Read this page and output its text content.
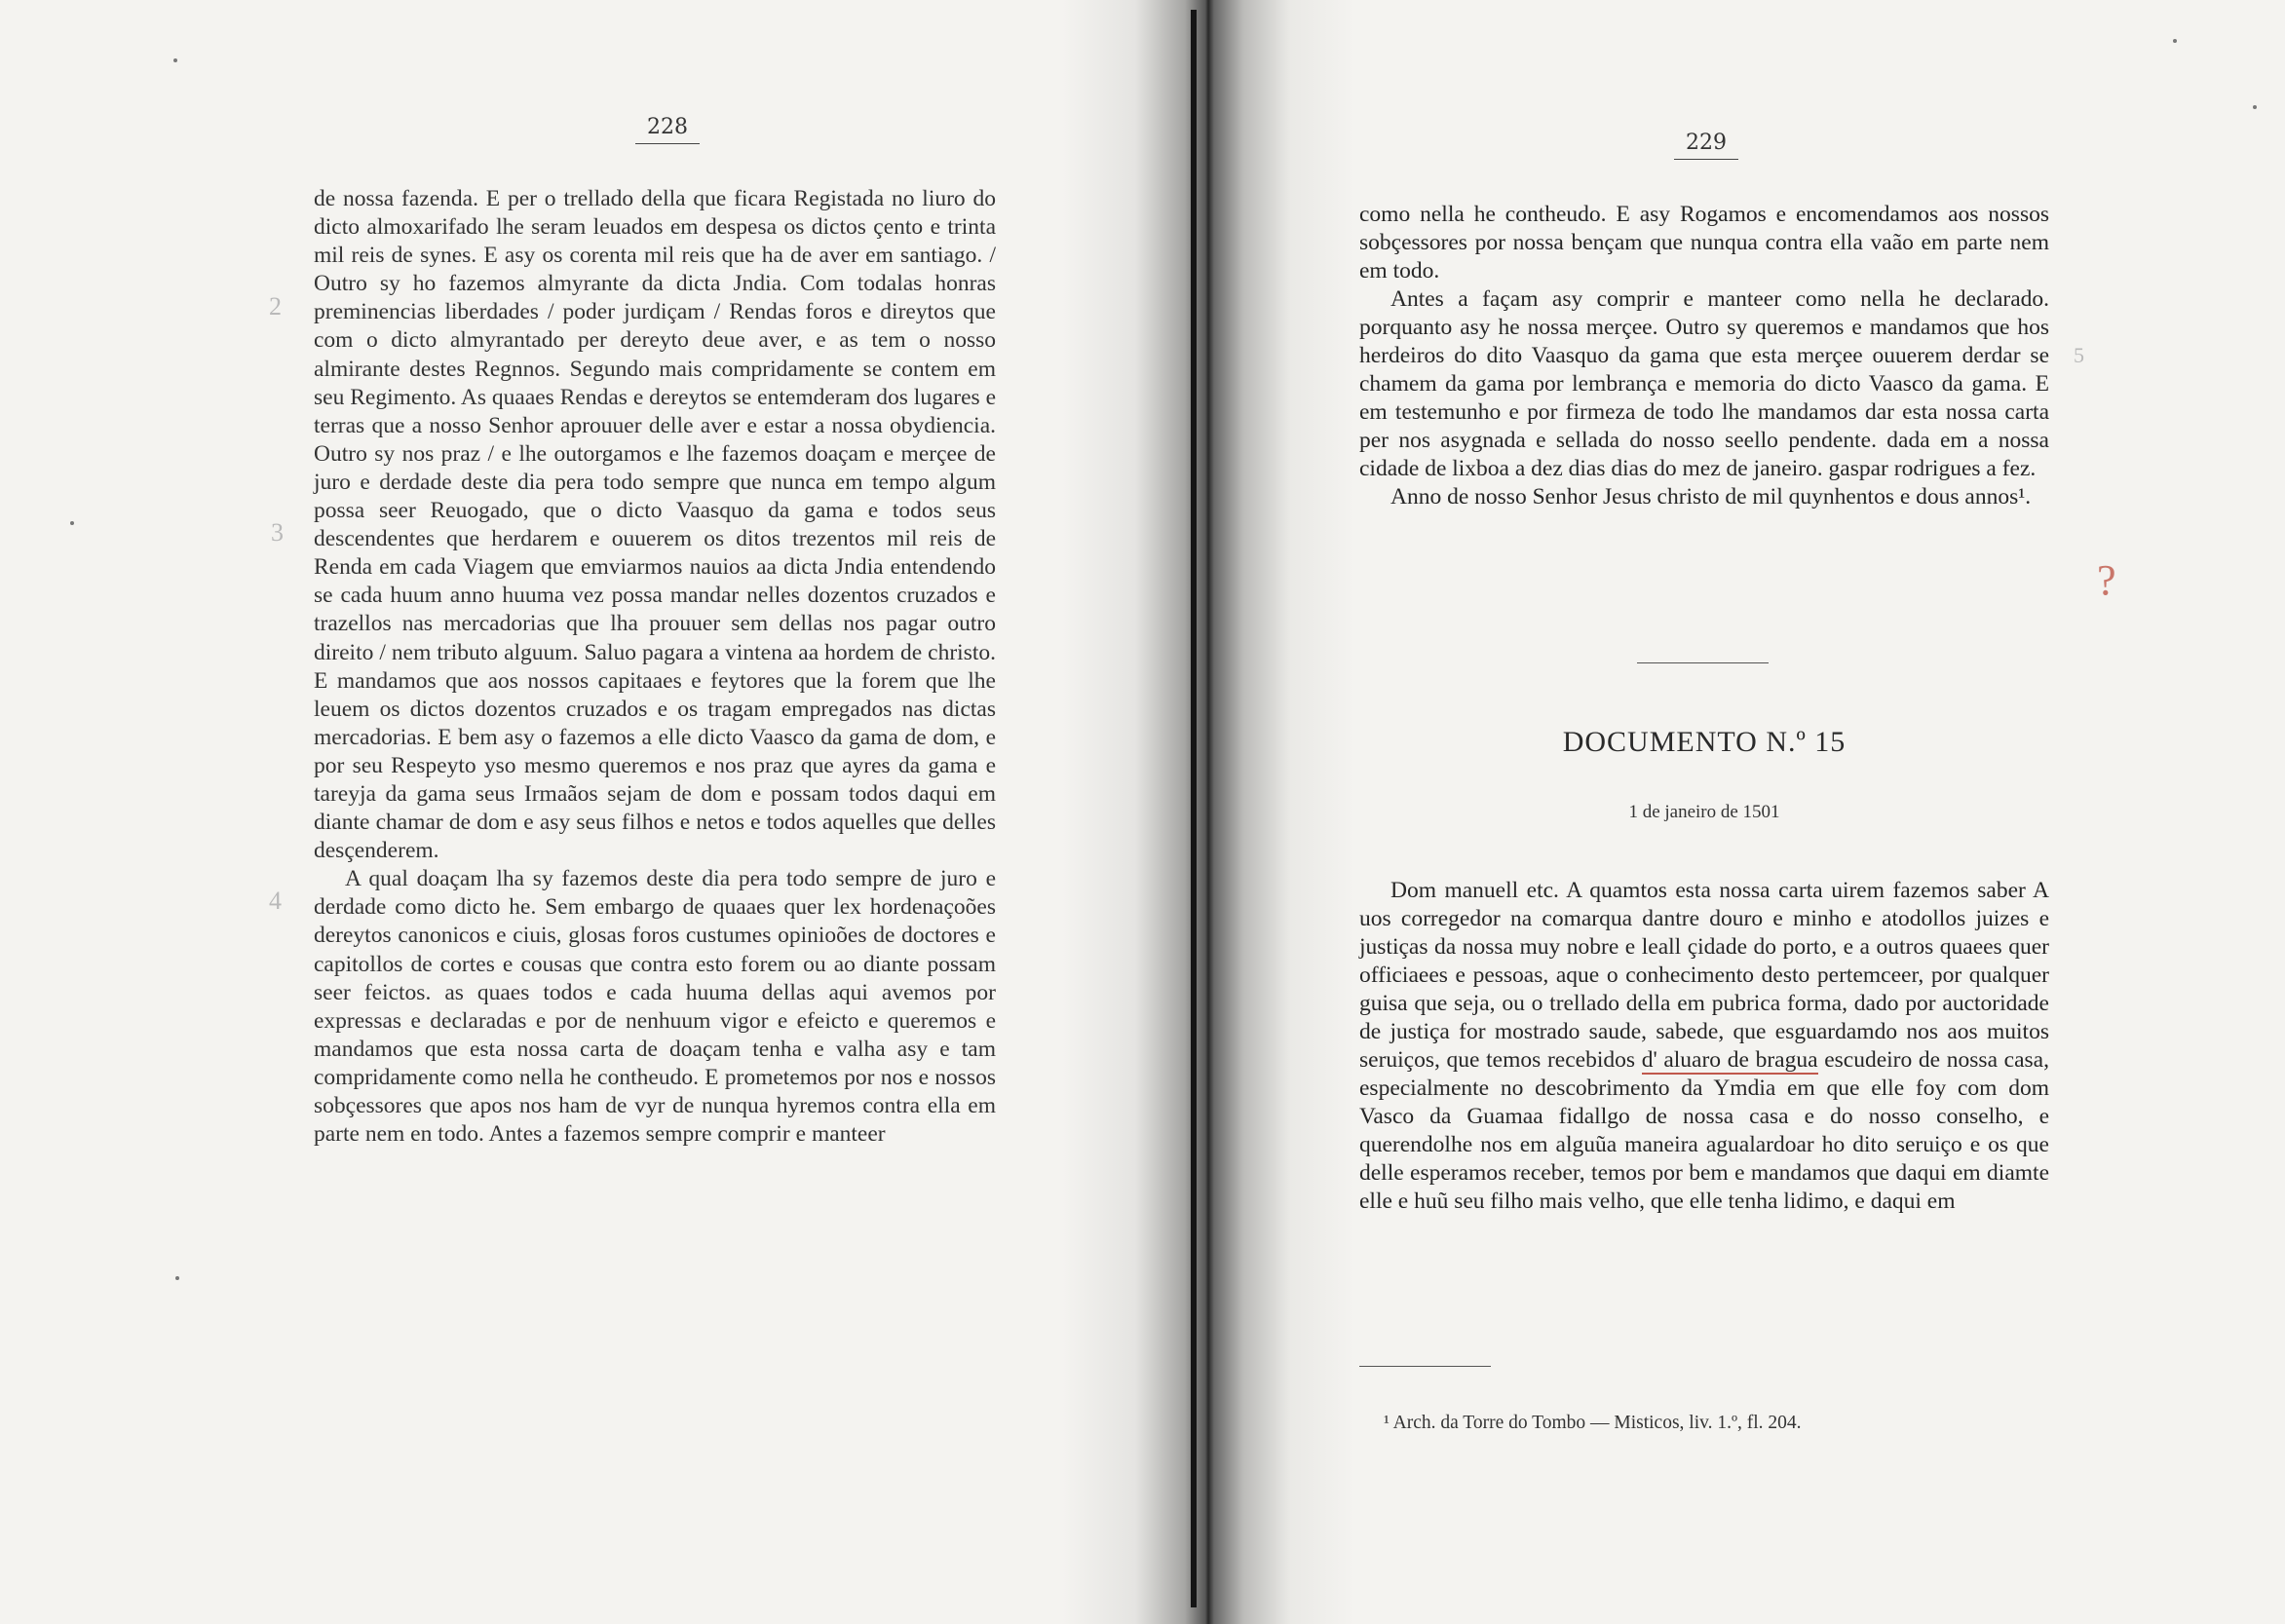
228

de nossa fazenda. E per o trellado della que ficara Registada no liuro do dicto almoxarifado lhe seram leuados em despesa os dictos çento e trinta mil reis de synes. E asy os corenta mil reis que ha de aver em santiago. / Outro sy ho fazemos almyrante da dicta Jndia. Com todalas honras preminencias liberdades / poder jurdiçam / Rendas foros e direytos que com o dicto almyrantado per dereyto deue aver, e as tem o nosso almirante destes Regnnos. Segundo mais compridamente se contem em seu Regimento. As quaaes Rendas e dereytos se entemderam dos lugares e terras que a nosso Senhor aprouuer delle aver e estar a nossa obydiencia. Outro sy nos praz / e lhe outorgamos e lhe fazemos doaçam e merçee de juro e derdade deste dia pera todo sempre que nunca em tempo algum possa seer Reuogado, que o dicto Vaasquo da gama e todos seus descendentes que herdarem e ouuerem os ditos trezentos mil reis de Renda em cada Viagem que emviarmos nauios aa dicta Jndia entendendo se cada huum anno huuma vez possa mandar nelles dozentos cruzados e trazellos nas mercadorias que lha prouuer sem dellas nos pagar outro direito / nem tributo alguum. Saluo pagara a vintena aa hordem de christo. E mandamos que aos nossos capitaaes e feytores que la forem que lhe leuem os dictos dozentos cruzados e os tragam empregados nas dictas mercadorias. E bem asy o fazemos a elle dicto Vaasco da gama de dom, e por seu Respeyto yso mesmo queremos e nos praz que ayres da gama e tareyja da gama seus Irmaãos sejam de dom e possam todos daqui em diante chamar de dom e asy seus filhos e netos e todos aquelles que delles desçenderem.

A qual doaçam lha sy fazemos deste dia pera todo sempre de juro e derdade como dicto he. Sem embargo de quaaes quer lex hordenaçoões dereytos canonicos e ciuis, glosas foros custumes opinioões de doctores e capitollos de cortes e cousas que contra esto forem ou ao diante possam seer feictos. as quaes todos e cada huuma dellas aqui avemos por expressas e declaradas e por de nenhuum vigor e efeicto e queremos e mandamos que esta nossa carta de doaçam tenha e valha asy e tam compridamente como nella he contheudo. E prometemos por nos e nossos sobçessores que apos nos ham de vyr de nunqua hyremos contra ella em parte nem en todo. Antes a fazemos sempre comprir e manteer

2
3
4
229

como nella he contheudo. E asy Rogamos e encomendamos aos nossos sobçessores por nossa bençam que nunqua contra ella vaão em parte nem em todo.

Antes a façam asy comprir e manteer como nella he declarado. porquanto asy he nossa merçee. Outro sy queremos e mandamos que hos herdeiros do dito Vaasquo da gama que esta merçee ouuerem derdar se chamem da gama por lembrança e memoria do dicto Vaasco da gama. E em testemunho e por firmeza de todo lhe mandamos dar esta nossa carta per nos asygnada e sellada do nosso seello pendente. dada em a nossa cidade de lixboa a dez dias dias do mez de janeiro. gaspar rodrigues a fez.

Anno de nosso Senhor Jesus christo de mil quynhentos e dous annos¹.

DOCUMENTO N.º 15
1 de janeiro de 1501

Dom manuell etc. A quamtos esta nossa carta uirem fazemos saber A uos corregedor na comarqua dantre douro e minho e atodollos juizes e justiças da nossa muy nobre e leall çidade do porto, e a outros quaees quer officiaees e pessoas, aque o conhecimento desto pertemceer, por qualquer guisa que seja, ou o trellado della em pubrica forma, dado por auctoridade de justiça for mostrado saude, sabede, que esguardamdo nos aos muitos seruiços, que temos recebidos d' aluaro de bragua escudeiro de nossa casa, especialmente no descobrimento da Ymdia em que elle foy com dom Vasco da Guamaa fidallgo de nossa casa e do nosso conselho, e querendolhe nos em alguũa maneira agualardoar ho dito seruiço e os que delle esperamos receber, temos por bem e mandamos que daqui em diamte elle e huũ seu filho mais velho, que elle tenha lidimo, e daqui em

¹ Arch. da Torre do Tombo — Misticos, liv. 1.º, fl. 204.
5
?
